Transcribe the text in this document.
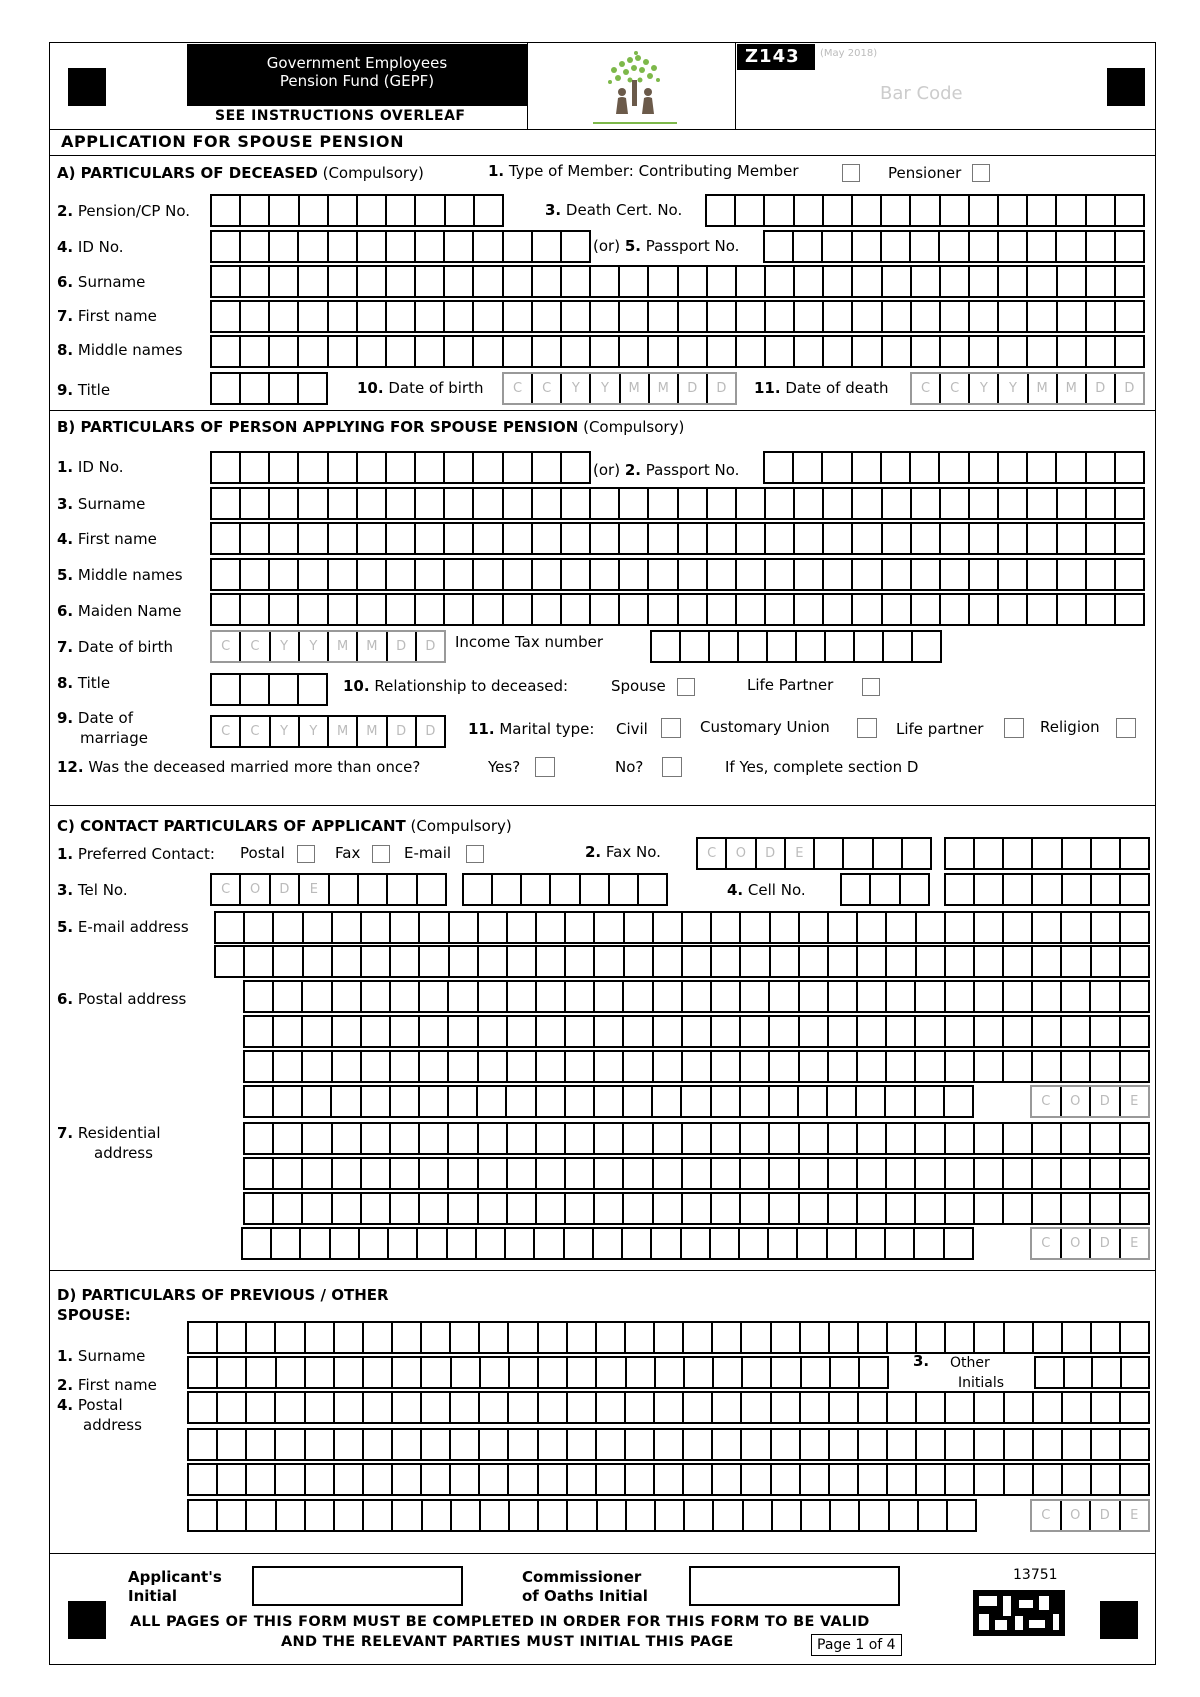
Government Employees Pension Fund (GEPF)
SEE INSTRUCTIONS OVERLEAF
Z143	(May 2018)
Bar Code
APPLICATION FOR SPOUSE PENSION
A) PARTICULARS OF DECEASED (Compulsory)	1. Type of Member: Contributing Member	Pensioner
2. Pension/CP No.	3. Death Cert. No.
4. ID No.	(or) 5. Passport No.
6. Surname
7. First name
8. Middle names
9. Title	10. Date of birth	C	C	Y	Y	M	M	D	D	11. Date of death	C	C	Y	Y	M	M	D	D
B) PARTICULARS OF PERSON APPLYING FOR SPOUSE PENSION (Compulsory)
1. ID No.	(or) 2. Passport No.
3. Surname
4. First name
5. Middle names
6. Maiden Name
7. Date of birth	C	C	Y	Y	M	M	D	D	Income Tax number
8. Title	10. Relationship to deceased:	Spouse	Life Partner
9. Date of
marriage	C	C	Y	Y	M	M	D	D	11. Marital type: Civil	Customary Union	Life partner	Religion
12. Was the deceased married more than once?	Yes?	No?	If Yes, complete section D
C) CONTACT PARTICULARS OF APPLICANT (Compulsory)
1. Preferred Contact: Postal	Fax	E-mail	2. Fax No.	C	O	D	E
3. Tel No.	C	O	D	E	4. Cell No.
5. E-mail address
6. Postal address
C	O	D	E
7. Residential
address
C	O	D	E
D) PARTICULARS OF PREVIOUS / OTHER
SPOUSE:
1. Surname
2. First name
3. Other
Initials
4. Postal
address
C	O	D	E
Applicant's
Initial
Commissioner
of Oaths Initial
13751
ALL PAGES OF THIS FORM MUST BE COMPLETED IN ORDER FOR THIS FORM TO BE VALID
AND THE RELEVANT PARTIES MUST INITIAL THIS PAGE	Page 1 of 4
